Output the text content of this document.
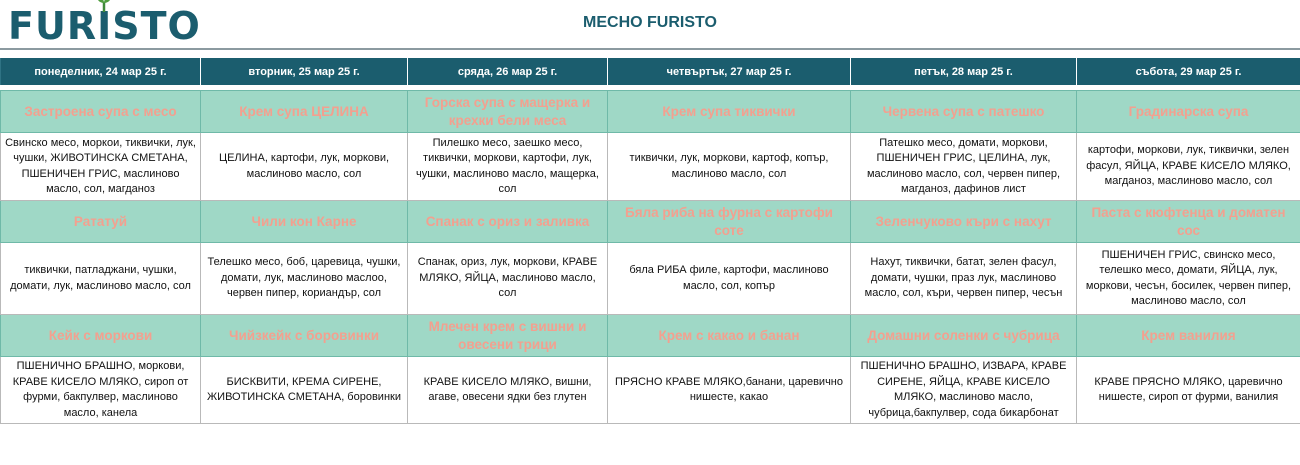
FURISTO	МЕСНО FURISTO
понеделник, 24 мар 25 г.	вторник, 25 мар 25 г.	сряда, 26 мар 25 г.	четвъртък, 27 мар 25 г.	петък, 28 мар 25 г.	събота, 29 мар 25 г.

Застроена супа с месо	Крем супа ЦЕЛИНА	Горска супа с мащерка и крехки бели меса	Крем супа тиквички	Червена супа с патешко	Градинарска супа
Свинско месо, моркои, тиквички, лук, чушки, ЖИВОТИНСКА СМЕТАНА, ПШЕНИЧЕН ГРИС, маслиново масло, сол, магданоз	ЦЕЛИНА, картофи, лук, моркови, маслиново масло, сол	Пилешко месо, заешко месо, тиквички, моркови, картофи, лук, чушки, маслиново масло, мащерка, сол	тиквички, лук, моркови, картоф, копър, маслиново масло, сол	Патешко месо, домати, моркови, ПШЕНИЧЕН ГРИС, ЦЕЛИНА, лук, маслиново масло, сол, червен пипер, магданоз, дафинов лист	картофи, моркови, лук, тиквички, зелен фасул, ЯЙЦА, КРАВЕ КИСЕЛО МЛЯКО, магданоз, маслиново масло, сол
Рататуй	Чили кон Карне	Спанак с ориз и заливка	Бяла риба на фурна с картофи соте	Зеленчуково къри с нахут	Паста с кюфтенца и доматен сос
тиквички, патладжани, чушки, домати, лук, маслиново масло, сол	Телешко месо, боб, царевица, чушки, домати, лук, маслиново маслоо, червен пипер, кориандър, сол	Спанак, ориз, лук, моркови, КРАВЕ МЛЯКО, ЯЙЦА, маслиново масло, сол	бяла РИБА филе, картофи, маслиново масло, сол, копър	Нахут, тиквички, батат, зелен фасул, домати, чушки, праз лук, маслиново масло, сол, къри, червен пипер, чесън	ПШЕНИЧЕН ГРИС, свинско месо, телешко месо, домати, ЯЙЦА, лук, моркови, чесън, босилек, червен пипер, маслиново масло, сол
Кейк с моркови	Чийзкейк с боровинки	Млечен крем с вишни и овесени трици	Крем с какао и банан	Домашни соленки с чубрица	Крем ванилия
ПШЕНИЧНО БРАШНО, моркови, КРАВЕ КИСЕЛО МЛЯКО, сироп от фурми, бакпулвер, маслиново масло, канела	БИСКВИТИ, КРЕМА СИРЕНЕ, ЖИВОТИНСКА СМЕТАНА, боровинки	КРАВЕ КИСЕЛО МЛЯКО, вишни, агаве, овесени ядки без глутен	ПРЯСНО КРАВЕ МЛЯКО,банани, царевично нишесте, какао	ПШЕНИЧНО БРАШНО, ИЗВАРА, КРАВЕ СИРЕНЕ, ЯЙЦА, КРАВЕ КИСЕЛО МЛЯКО, маслиново масло, чубрица,бакпулвер, сода бикарбонат	КРАВЕ ПРЯСНО МЛЯКО, царевично нишесте, сироп от фурми, ванилия
